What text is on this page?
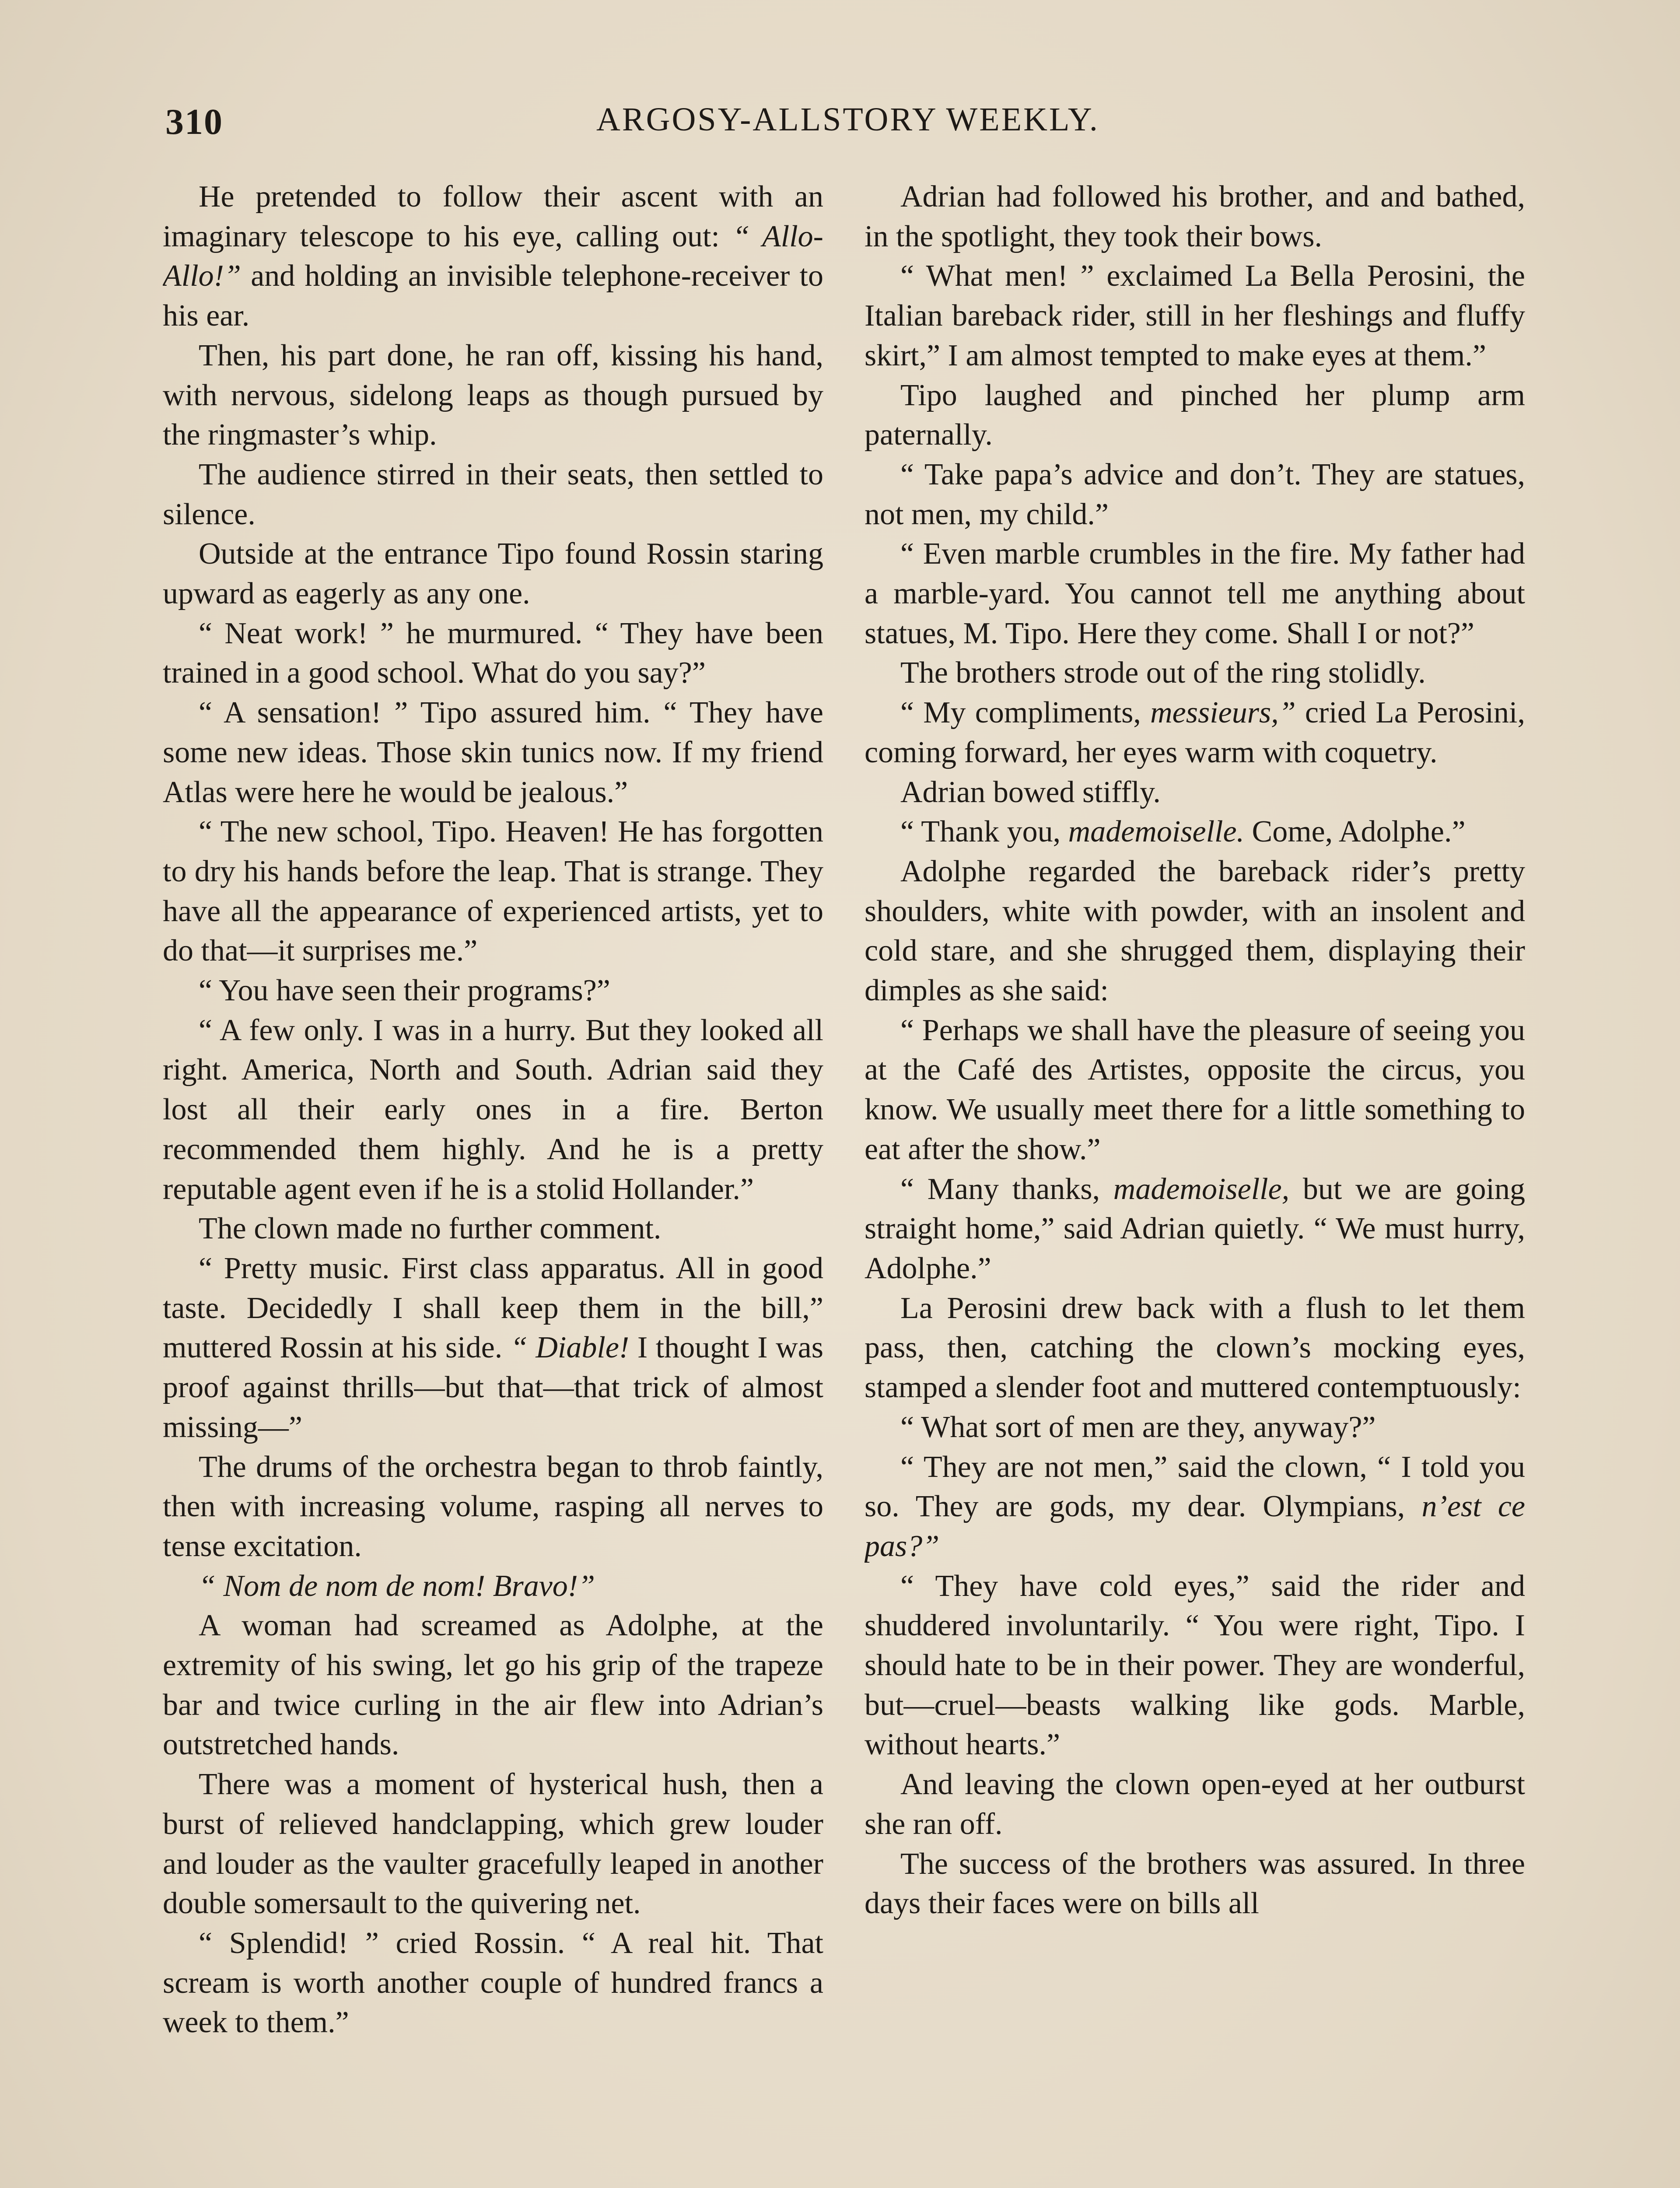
310	ARGOSY-ALLSTORY WEEKLY.

He pretended to follow their ascent with an imaginary telescope to his eye, calling out: “ Allo-Allo!” and holding an invisible telephone-receiver to his ear.

Then, his part done, he ran off, kissing his hand, with nervous, sidelong leaps as though pursued by the ringmaster’s whip.

The audience stirred in their seats, then settled to silence.

Outside at the entrance Tipo found Rossin staring upward as eagerly as any one.

“ Neat work! ” he murmured. “ They have been trained in a good school. What do you say?”

“ A sensation! ” Tipo assured him. “ They have some new ideas. Those skin tunics now. If my friend Atlas were here he would be jealous.”

“ The new school, Tipo. Heaven! He has forgotten to dry his hands before the leap. That is strange. They have all the appearance of experienced artists, yet to do that—it surprises me.”

“ You have seen their programs?”

“ A few only. I was in a hurry. But they looked all right. America, North and South. Adrian said they lost all their early ones in a fire. Berton recommended them highly. And he is a pretty reputable agent even if he is a stolid Hollander.”

The clown made no further comment.

“ Pretty music. First class apparatus. All in good taste. Decidedly I shall keep them in the bill,” muttered Rossin at his side. “ Diable! I thought I was proof against thrills—but that—that trick of almost missing—”

The drums of the orchestra began to throb faintly, then with increasing volume, rasping all nerves to tense excitation.

“ Nom de nom de nom! Bravo!”

A woman had screamed as Adolphe, at the extremity of his swing, let go his grip of the trapeze bar and twice curling in the air flew into Adrian’s outstretched hands.

There was a moment of hysterical hush, then a burst of relieved handclapping, which grew louder and louder as the vaulter gracefully leaped in another double somersault to the quivering net.

“ Splendid! ” cried Rossin. “ A real hit. That scream is worth another couple of hundred francs a week to them.”

Adrian had followed his brother, and and bathed, in the spotlight, they took their bows.

“ What men! ” exclaimed La Bella Perosini, the Italian bareback rider, still in her fleshings and fluffy skirt,” I am almost tempted to make eyes at them.”

Tipo laughed and pinched her plump arm paternally.

“ Take papa’s advice and don’t. They are statues, not men, my child.”

“ Even marble crumbles in the fire. My father had a marble-yard. You cannot tell me anything about statues, M. Tipo. Here they come. Shall I or not?”

The brothers strode out of the ring stolidly.

“ My compliments, messieurs,” cried La Perosini, coming forward, her eyes warm with coquetry.

Adrian bowed stiffly.

“ Thank you, mademoiselle. Come, Adolphe.”

Adolphe regarded the bareback rider’s pretty shoulders, white with powder, with an insolent and cold stare, and she shrugged them, displaying their dimples as she said:

“ Perhaps we shall have the pleasure of seeing you at the Café des Artistes, opposite the circus, you know. We usually meet there for a little something to eat after the show.”

“ Many thanks, mademoiselle, but we are going straight home,” said Adrian quietly. “ We must hurry, Adolphe.”

La Perosini drew back with a flush to let them pass, then, catching the clown’s mocking eyes, stamped a slender foot and muttered contemptuously:

“ What sort of men are they, anyway?”

“ They are not men,” said the clown, “ I told you so. They are gods, my dear. Olympians, n’est ce pas?”

“ They have cold eyes,” said the rider and shuddered involuntarily. “ You were right, Tipo. I should hate to be in their power. They are wonderful, but—cruel—beasts walking like gods. Marble, without hearts.”

And leaving the clown open-eyed at her outburst she ran off.

The success of the brothers was assured. In three days their faces were on bills all
